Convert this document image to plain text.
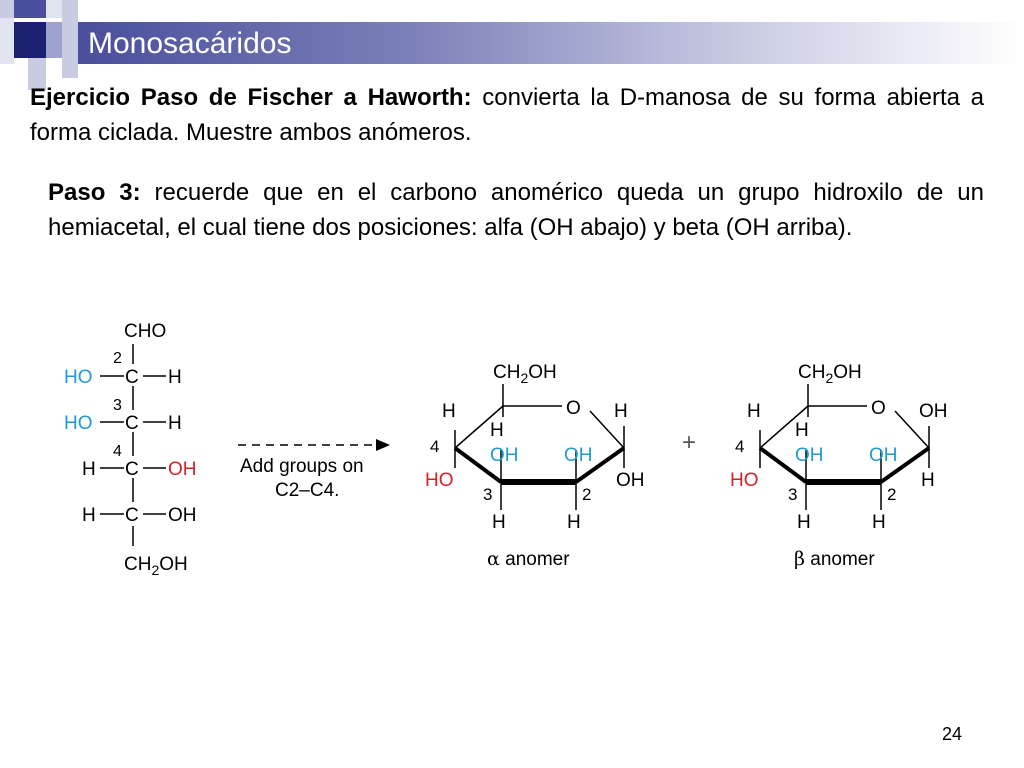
Monosacáridos
Ejercicio Paso de Fischer a Haworth: convierta la D-manosa de su forma abierta a forma ciclada. Muestre ambos anómeros.
Paso 3: recuerde que en el carbono anomérico queda un grupo hidroxilo de un hemiacetal, el cual tiene dos posiciones: alfa (OH abajo) y beta (OH arriba).
CHO
2
C
HO	H
3
C
HO	H
4
C
H	OH
C
H	OH
$CH_2OH$
Add groups on
C2–C4.
$CH_2OH$
O
H
H
H
4	OH OH
HO	OH
3	2
H	H
α anomer
+
$CH_2OH$
O
H
H
OH
4	OH OH
HO	H
3	2
H	H
β anomer
24
